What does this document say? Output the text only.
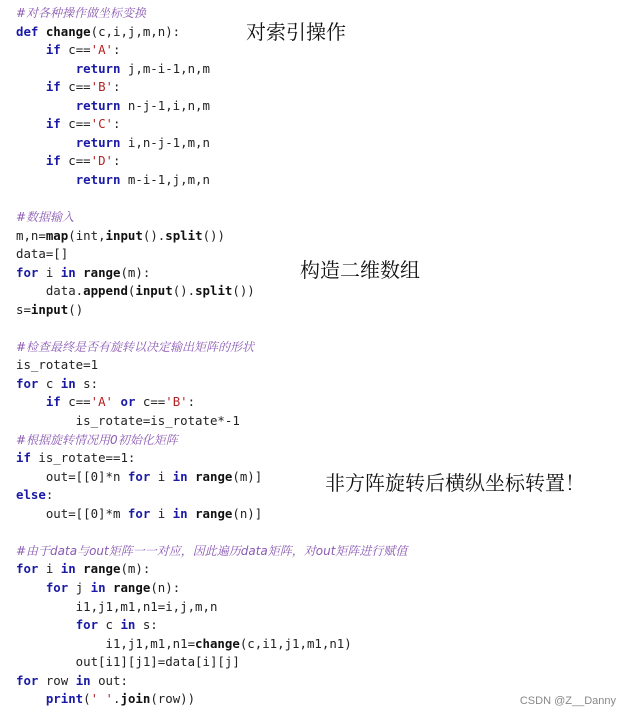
#对各种操作做坐标变换
def change(c,i,j,m,n):
if c=='A':
return j,m-i-1,n,m
if c=='B':
return n-j-1,i,n,m
if c=='C':
return i,n-j-1,m,n
if c=='D':
return m-i-1,j,m,n

#数据输入
m,n=map(int,input().split())
data=[]
for i in range(m):
data.append(input().split())
s=input()

#检查最终是否有旋转以决定输出矩阵的形状
is_rotate=1
for c in s:
if c=='A' or c=='B':
is_rotate=is_rotate*-1
#根据旋转情况用0初始化矩阵
if is_rotate==1:
out=[[0]*n for i in range(m)]
else:
out=[[0]*m for i in range(n)]

#由于data与out矩阵一一对应，因此遍历data矩阵，对out矩阵进行赋值
for i in range(m):
for j in range(n):
i1,j1,m1,n1=i,j,m,n
for c in s:
i1,j1,m1,n1=change(c,i1,j1,m1,n1)
out[i1][j1]=data[i][j]
for row in out:
print(' '.join(row))
对索引操作
构造二维数组
非方阵旋转后横纵坐标转置！
CSDN @Z__Danny
